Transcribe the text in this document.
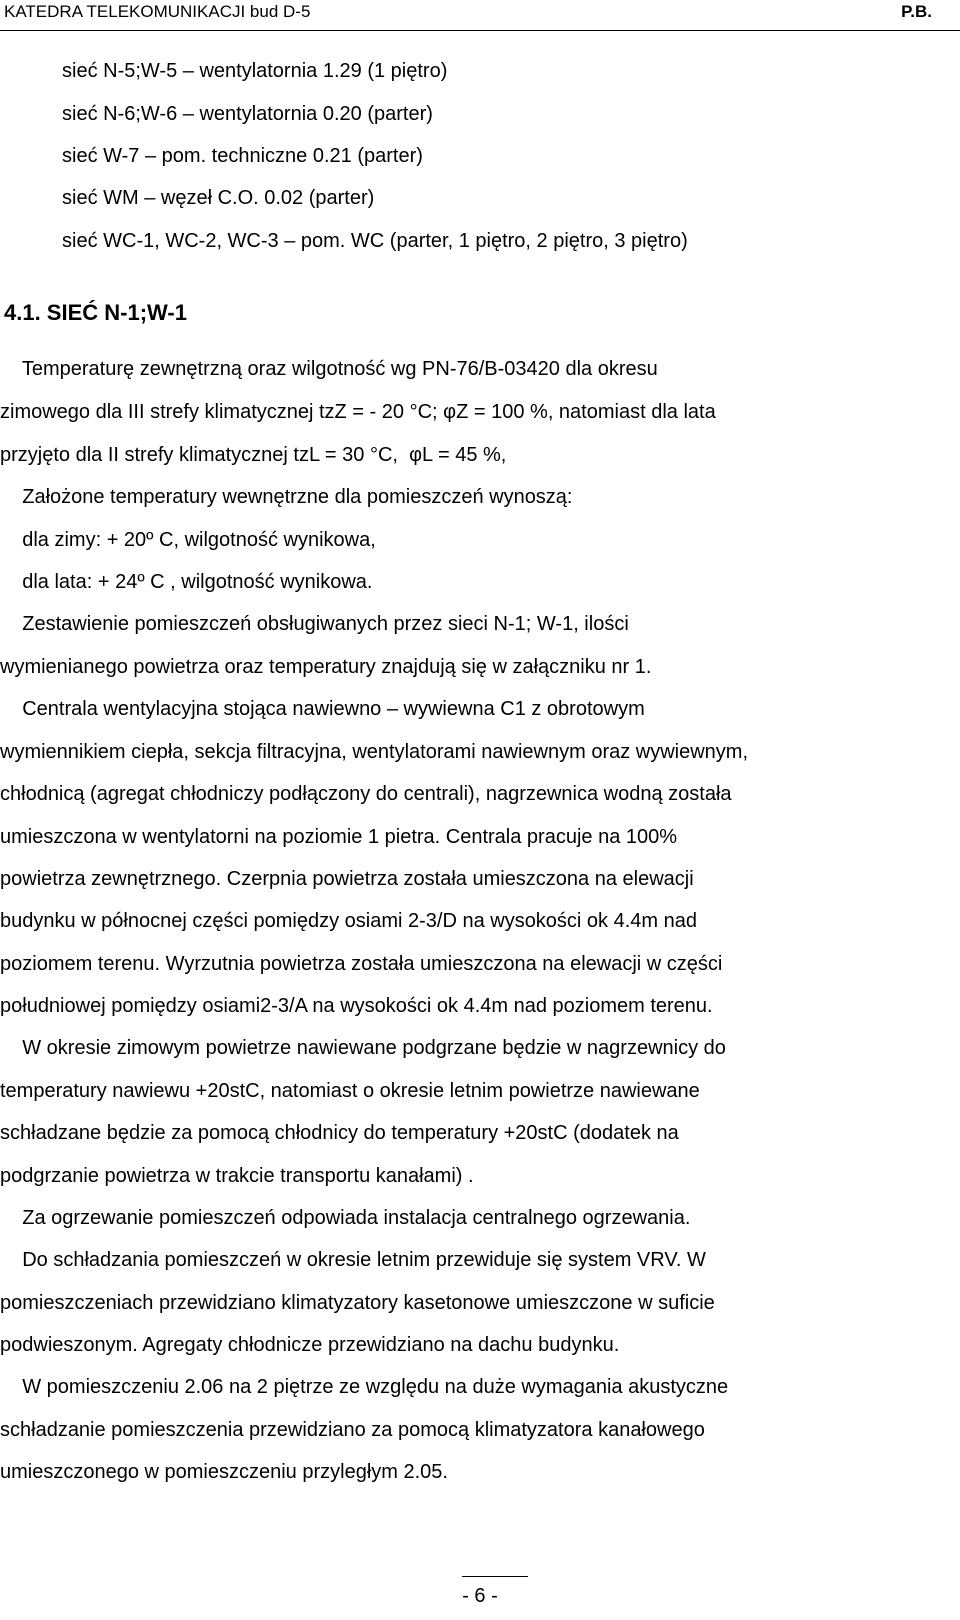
KATEDRA TELEKOMUNIKACJI bud D-5	P.B.
sieć N-5;W-5 – wentylatornia 1.29 (1 piętro)
sieć N-6;W-6 – wentylatornia 0.20 (parter)
sieć W-7 – pom. techniczne 0.21 (parter)
sieć WM – węzeł C.O. 0.02 (parter)
sieć WC-1, WC-2, WC-3 – pom. WC (parter, 1 piętro, 2 piętro, 3 piętro)
4.1. SIEĆ N-1;W-1
Temperaturę zewnętrzną oraz wilgotność wg PN-76/B-03420 dla okresu
zimowego dla III strefy klimatycznej tzZ = - 20 °C; φZ = 100 %, natomiast dla lata
przyjęto dla II strefy klimatycznej tzL = 30 °C,  φL = 45 %,
Założone temperatury wewnętrzne dla pomieszczeń wynoszą:
dla zimy: + 20º C, wilgotność wynikowa,
dla lata: + 24º C , wilgotność wynikowa.
Zestawienie pomieszczeń obsługiwanych przez sieci N-1; W-1, ilości
wymienianego powietrza oraz temperatury znajdują się w załączniku nr 1.
Centrala wentylacyjna stojąca nawiewno – wywiewna C1 z obrotowym
wymiennikiem ciepła, sekcja filtracyjna, wentylatorami nawiewnym oraz wywiewnym,
chłodnicą (agregat chłodniczy podłączony do centrali), nagrzewnica wodną została
umieszczona w wentylatorni na poziomie 1 pietra. Centrala pracuje na 100%
powietrza zewnętrznego. Czerpnia powietrza została umieszczona na elewacji
budynku w północnej części pomiędzy osiami 2-3/D na wysokości ok 4.4m nad
poziomem terenu. Wyrzutnia powietrza została umieszczona na elewacji w części
południowej pomiędzy osiami2-3/A na wysokości ok 4.4m nad poziomem terenu.
W okresie zimowym powietrze nawiewane podgrzane będzie w nagrzewnicy do
temperatury nawiewu +20stC, natomiast o okresie letnim powietrze nawiewane
schładzane będzie za pomocą chłodnicy do temperatury +20stC (dodatek na
podgrzanie powietrza w trakcie transportu kanałami) .
Za ogrzewanie pomieszczeń odpowiada instalacja centralnego ogrzewania.
Do schładzania pomieszczeń w okresie letnim przewiduje się system VRV. W
pomieszczeniach przewidziano klimatyzatory kasetonowe umieszczone w suficie
podwieszonym. Agregaty chłodnicze przewidziano na dachu budynku.
W pomieszczeniu 2.06 na 2 piętrze ze względu na duże wymagania akustyczne
schładzanie pomieszczenia przewidziano za pomocą klimatyzatora kanałowego
umieszczonego w pomieszczeniu przyległym 2.05.
- 6 -
